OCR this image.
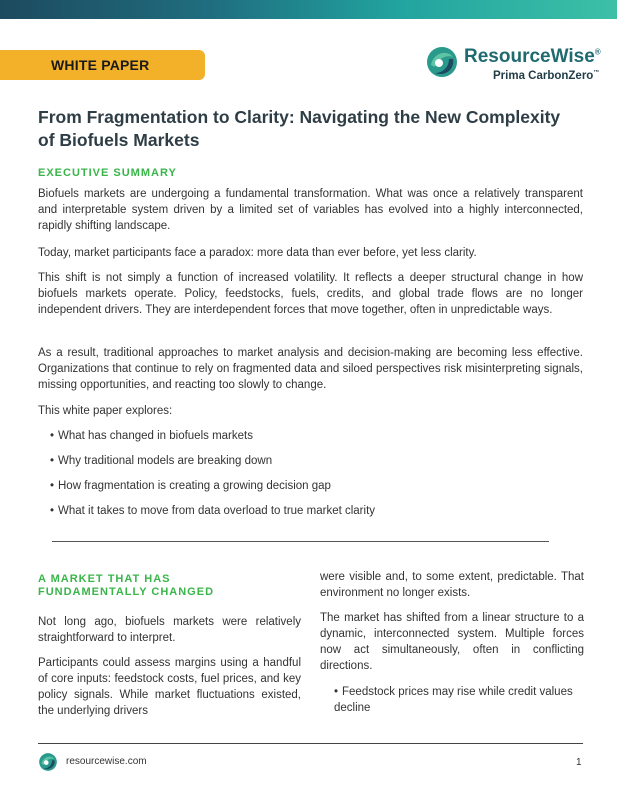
WHITE PAPER	ResourceWise®
Prima CarbonZero™
From Fragmentation to Clarity: Navigating the New Complexity of Biofuels Markets
EXECUTIVE SUMMARY

Biofuels markets are undergoing a fundamental transformation. What was once a relatively transparent and interpretable system driven by a limited set of variables has evolved into a highly interconnected, rapidly shifting landscape.

Today, market participants face a paradox: more data than ever before, yet less clarity.

This shift is not simply a function of increased volatility. It reflects a deeper structural change in how biofuels markets operate. Policy, feedstocks, fuels, credits, and global trade flows are no longer independent drivers. They are interdependent forces that move together, often in unpredictable ways.

As a result, traditional approaches to market analysis and decision-making are becoming less effective. Organizations that continue to rely on fragmented data and siloed perspectives risk misinterpreting signals, missing opportunities, and reacting too slowly to change.

This white paper explores:

• What has changed in biofuels markets
• Why traditional models are breaking down
• How fragmentation is creating a growing decision gap
• What it takes to move from data overload to true market clarity
A MARKET THAT HAS
FUNDAMENTALLY CHANGED

Not long ago, biofuels markets were relatively straightforward to interpret.

Participants could assess margins using a handful of core inputs: feedstock costs, fuel prices, and key policy signals. While market fluctuations existed, the underlying drivers

were visible and, to some extent, predictable. That environment no longer exists.

The market has shifted from a linear structure to a dynamic, interconnected system. Multiple forces now act simultaneously, often in conflicting directions.

• Feedstock prices may rise while credit values decline

resourcewise.com	1
